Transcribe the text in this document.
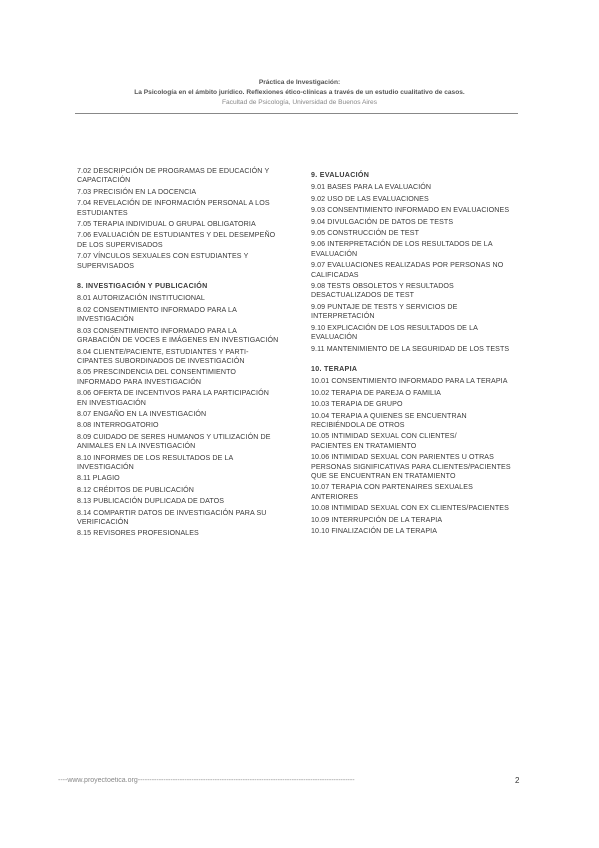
Práctica de Investigación:
La Psicología en el ámbito jurídico. Reflexiones ético-clínicas a través de un estudio cualitativo de casos.
Facultad de Psicología, Universidad de Buenos Aires
7.02 DESCRIPCIÓN DE PROGRAMAS DE EDUCACIÓN Y
CAPACITACIÓN
7.03 PRECISIÓN EN LA DOCENCIA
7.04 REVELACIÓN DE INFORMACIÓN PERSONAL A LOS
ESTUDIANTES
7.05 TERAPIA INDIVIDUAL O GRUPAL OBLIGATORIA
7.06 EVALUACIÓN DE ESTUDIANTES Y DEL DESEMPEÑO
DE LOS SUPERVISADOS
7.07 VÍNCULOS SEXUALES CON ESTUDIANTES Y
SUPERVISADOS
8. INVESTIGACIÓN Y PUBLICACIÓN
8.01 AUTORIZACIÓN INSTITUCIONAL
8.02 CONSENTIMIENTO INFORMADO PARA LA
INVESTIGACIÓN
8.03 CONSENTIMIENTO INFORMADO PARA LA
GRABACIÓN DE VOCES E IMÁGENES EN INVESTIGACIÓN
8.04 CLIENTE/PACIENTE, ESTUDIANTES Y PARTI-
CIPANTES SUBORDINADOS DE INVESTIGACIÓN
8.05 PRESCINDENCIA DEL CONSENTIMIENTO
INFORMADO PARA INVESTIGACIÓN
8.06 OFERTA DE INCENTIVOS PARA LA PARTICIPACIÓN
EN INVESTIGACIÓN
8.07 ENGAÑO EN LA INVESTIGACIÓN
8.08 INTERROGATORIO
8.09 CUIDADO DE SERES HUMANOS Y UTILIZACIÓN DE
ANIMALES EN LA INVESTIGACIÓN
8.10 INFORMES DE LOS RESULTADOS DE LA
INVESTIGACIÓN
8.11 PLAGIO
8.12 CRÉDITOS DE PUBLICACIÓN
8.13 PUBLICACIÓN DUPLICADA DE DATOS
8.14 COMPARTIR DATOS DE INVESTIGACIÓN PARA SU
VERIFICACIÓN
8.15 REVISORES PROFESIONALES
9. EVALUACIÓN
9.01 BASES PARA LA EVALUACIÓN
9.02 USO DE LAS EVALUACIONES
9.03 CONSENTIMIENTO INFORMADO EN EVALUACIONES
9.04 DIVULGACIÓN DE DATOS DE TESTS
9.05 CONSTRUCCIÓN DE TEST
9.06 INTERPRETACIÓN DE LOS RESULTADOS DE LA
EVALUACIÓN
9.07 EVALUACIONES REALIZADAS POR PERSONAS NO
CALIFICADAS
9.08 TESTS OBSOLETOS Y RESULTADOS
DESACTUALIZADOS DE TEST
9.09 PUNTAJE DE TESTS Y SERVICIOS DE INTERPRETACIÓN
9.10 EXPLICACIÓN DE LOS RESULTADOS DE LA
EVALUACIÓN
9.11 MANTENIMIENTO DE LA SEGURIDAD DE LOS TESTS
10. TERAPIA
10.01 CONSENTIMIENTO INFORMADO PARA LA TERAPIA
10.02 TERAPIA DE PAREJA O FAMILIA
10.03 TERAPIA DE GRUPO
10.04 TERAPIA A QUIENES SE ENCUENTRAN
RECIBIÉNDOLA DE OTROS
10.05 INTIMIDAD SEXUAL CON CLIENTES/
PACIENTES EN TRATAMIENTO
10.06 INTIMIDAD SEXUAL CON PARIENTES U OTRAS
PERSONAS SIGNIFICATIVAS PARA CLIENTES/PACIENTES
QUE SE ENCUENTRAN EN TRATAMIENTO
10.07 TERAPIA CON PARTENAIRES SEXUALES
ANTERIORES
10.08 INTIMIDAD SEXUAL CON EX CLIENTES/PACIENTES
10.09 INTERRUPCIÓN DE LA TERAPIA
10.10 FINALIZACIÓN DE LA TERAPIA
----www.proyectoetica.org---------------------------------------------------------------------------------------------	2
